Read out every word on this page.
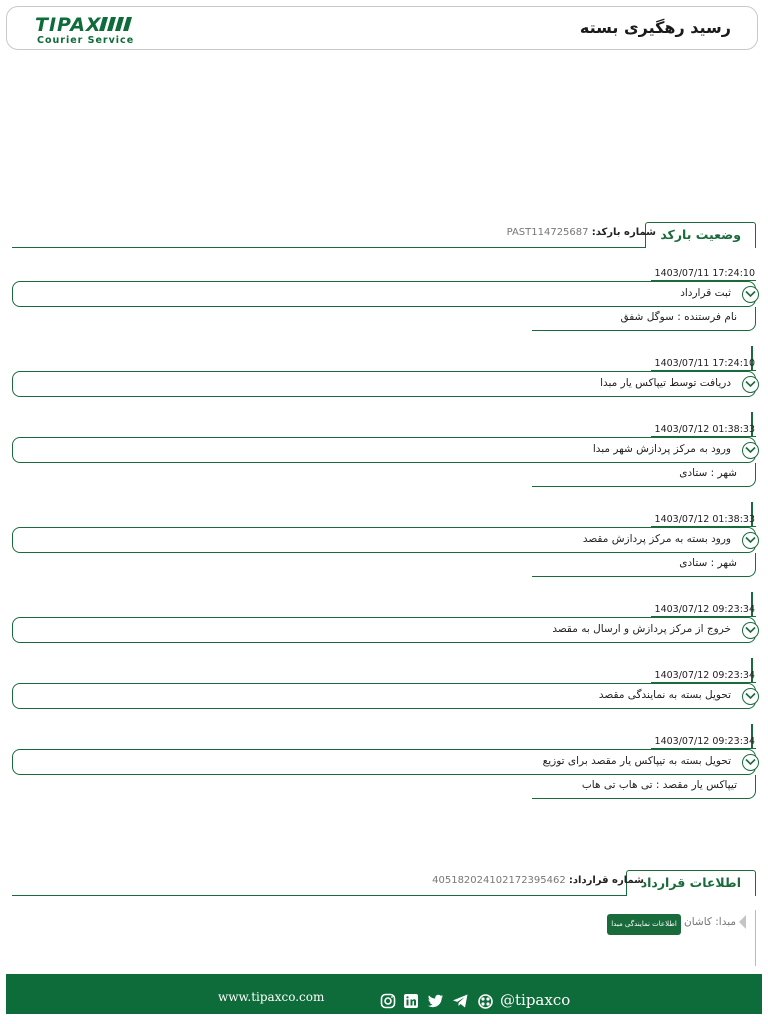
TIPAX
Courier Service
رسید رهگیری بسته
وضعیت بارکد
شماره بارکد: PAST114725687
1403/07/11 17:24:10
ثبت قرارداد
نام فرستنده : سوگل شفق
1403/07/11 17:24:10
دریافت توسط تیپاکس یار مبدا
1403/07/12 01:38:33
ورود به مرکز پردازش شهر مبدا
شهر : ستادی
1403/07/12 01:38:33
ورود بسته به مرکز پردازش مقصد
شهر : ستادی
1403/07/12 09:23:34
خروج از مرکز پردازش و ارسال به مقصد
1403/07/12 09:23:34
تحویل بسته به نمایندگی مقصد
1403/07/12 09:23:34
تحویل بسته به تیپاکس یار مقصد برای توزیع
تیپاکس یار مقصد : تی هاب تی هاب
اطلاعات قرارداد
شماره قرارداد: 405182024102172395462
مبدا: کاشان
اطلاعات نمایندگی مبدا
www.tipaxco.com	@tipaxco
